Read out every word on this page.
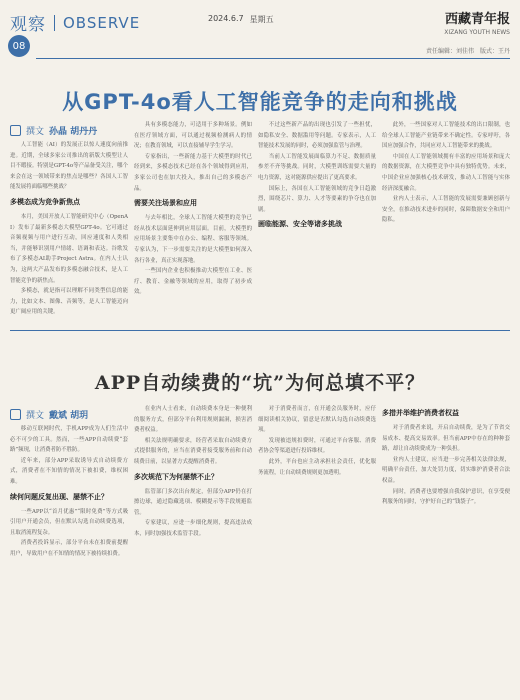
观察 OBSERVE
08
2024.6.7 星期五	西藏青年报
XIZANG YOUTH NEWS
责任编辑：刘佳伟　版式：王丹
从GPT-4o看人工智能竞争的走向和挑战
撰文 孙晶 胡丹丹

人工智能（AI）的发展正以惊人速度向前推进。近期，全球多家公司推出的新版大模型让人目不暇接。特别是GPT-4o等产品备受关注，哪个来会在这一领域带来的焦点是哪些？各国人工智能发展将面临哪些挑战？

多模态成为竞争新焦点

本月，美国开放人工智能研究中心（OpenAI）发布了最新多模态大模型GPT-4o。它可通过音频视频与用户进行互动，回应速度和人类相当，并能够识别用户情绪、语调和表达。谷歌发布了多模态AI助手Project Astra。在内人士认为，这两大产品发布的多模态融合技术，是人工智能竞争的新焦点。

多模态，就是指可以理解不同类型信息的能力，比如文本、图像、音频等，是人工智能迈向更广阔应用的关键。

具有多模态能力，可适用于多种场景。例如在医疗领域方面，可以通过视频检测病人的情况；在教育领域，可以直接辅导学生学习。

专家指出，一些新能力基于大模型的时代已经到来，多模态技术已经在各个领域得到应用，多家公司也在加大投入，推出自己的多模态产品。

需要关注场景和应用

与去年相比，全球人工智能大模型的竞争已经从技术层面延伸到应用层面。目前，大模型的应用场景主要集中在办公、编程、客服等领域。专家认为，下一步需要关注的是大模型如何深入各行各业，真正实现落地。

一些国内企业也积极推动大模型在工业、医疗、教育、金融等领域的应用，取得了初步成效。

不过这些新产品的出现也引发了一些担忧，如隐私安全、数据滥用等问题。专家表示，人工智能技术发展的同时，必须加强监管与治理。

当前人工智能发展面临算力不足、数据质量参差不齐等挑战。同时，大模型训练需要大量的电力资源，这对能源供应提出了更高要求。

国际上，各国在人工智能领域的竞争日趋激烈，围绕芯片、算力、人才等要素的争夺也在加剧。

画临能源、安全等诸多挑战

此外，一些国家对人工智能技术的出口限制，也给全球人工智能产业链带来不确定性。专家呼吁，各国应加强合作，共同应对人工智能带来的挑战。

中国在人工智能领域拥有丰富的应用场景和庞大的数据资源，在大模型竞争中具有独特优势。未来，中国企业应加强核心技术研发，推动人工智能与实体经济深度融合。

业内人士表示，人工智能的发展需要兼顾创新与安全，在推动技术进步的同时，保障数据安全和用户隐私。

APP自动续费的“坑”为何总填不平？
撰文 戴斌 胡玥

移动互联网时代，手机APP成为人们生活中必不可少的工具。然而，一些APP自动续费“套路”频现，让消费者防不胜防。

近年来，部分APP采取诱导式自动续费方式，消费者在不知情的情况下被扣费，维权困难。

续何问题反复出现、屡禁不止？

一些APP以“首月优惠”“限时免费”等方式吸引用户开通会员，但在默认勾选自动续费选项，且取消流程复杂。

消费者投诉显示，部分平台未在扣费前提醒用户，导致用户在不知情的情况下被持续扣费。

在业内人士看来，自动续费本身是一种便利的服务方式，但部分平台利用规则漏洞，损害消费者权益。

相关法规明确要求，经营者采取自动续费方式提供服务的，应当在消费者接受服务前和自动续费日前，以显著方式提醒消费者。

多次规范下为何屡禁不止？

监管部门多次出台规定，但部分APP仍在打擦边球，通过隐藏选项、模糊提示等手段规避监管。

专家建议，应进一步细化规则，提高违法成本，同时加强技术监管手段。

对于消费者而言，在开通会员服务时，应仔细阅读相关协议，留意是否默认勾选自动续费选项。

发现被违规扣费时，可通过平台客服、消费者协会等渠道进行投诉维权。

此外，平台也应主动承担社会责任，优化服务流程，让自动续费规则更加透明。

多措并举维护消费者权益

对于消费者来说，开启自动续费，是为了节省交易成本、提高交易效率。但当前APP中存在的种种套路，却让自动续费成为一种负担。

业内人士建议，应当进一步完善相关法律法规，明确平台责任，加大处罚力度，切实维护消费者合法权益。

同时，消费者也要增强自我保护意识，在享受便利服务的同时，守护好自己的“钱袋子”。
